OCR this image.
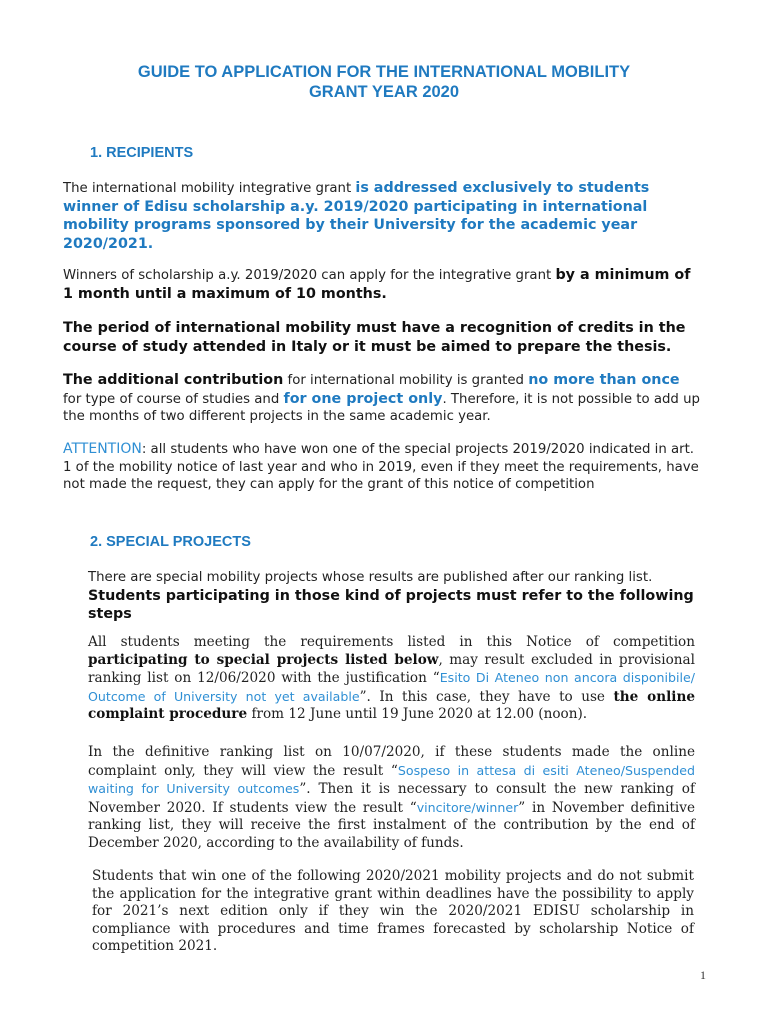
GUIDE TO APPLICATION FOR THE INTERNATIONAL MOBILITY
GRANT YEAR 2020
1. RECIPIENTS
The international mobility integrative grant is addressed exclusively to students winner of Edisu scholarship a.y. 2019/2020 participating in international mobility programs sponsored by their University for the academic year 2020/2021.
Winners of scholarship a.y. 2019/2020 can apply for the integrative grant by a minimum of 1 month until a maximum of 10 months.
The period of international mobility must have a recognition of credits in the course of study attended in Italy or it must be aimed to prepare the thesis.
The additional contribution for international mobility is granted no more than once for type of course of studies and for one project only. Therefore, it is not possible to add up the months of two different projects in the same academic year.
ATTENTION: all students who have won one of the special projects 2019/2020 indicated in art. 1 of the mobility notice of last year and who in 2019, even if they meet the requirements, have not made the request, they can apply for the grant of this notice of competition
2. SPECIAL PROJECTS
There are special mobility projects whose results are published after our ranking list. Students participating in those kind of projects must refer to the following steps
All students meeting the requirements listed in this Notice of competition participating to special projects listed below, may result excluded in provisional ranking list on 12/06/2020 with the justification “Esito Di Ateneo non ancora disponibile/ Outcome of University not yet available”. In this case, they have to use the online complaint procedure from 12 June until 19 June 2020 at 12.00 (noon).
In the definitive ranking list on 10/07/2020, if these students made the online complaint only, they will view the result “Sospeso in attesa di esiti Ateneo/Suspended waiting for University outcomes”. Then it is necessary to consult the new ranking of November 2020. If students view the result “vincitore/winner” in November definitive ranking list, they will receive the first instalment of the contribution by the end of December 2020, according to the availability of funds.
Students that win one of the following 2020/2021 mobility projects and do not submit the application for the integrative grant within deadlines have the possibility to apply for 2021’s next edition only if they win the 2020/2021 EDISU scholarship in compliance with procedures and time frames forecasted by scholarship Notice of competition 2021.
1
